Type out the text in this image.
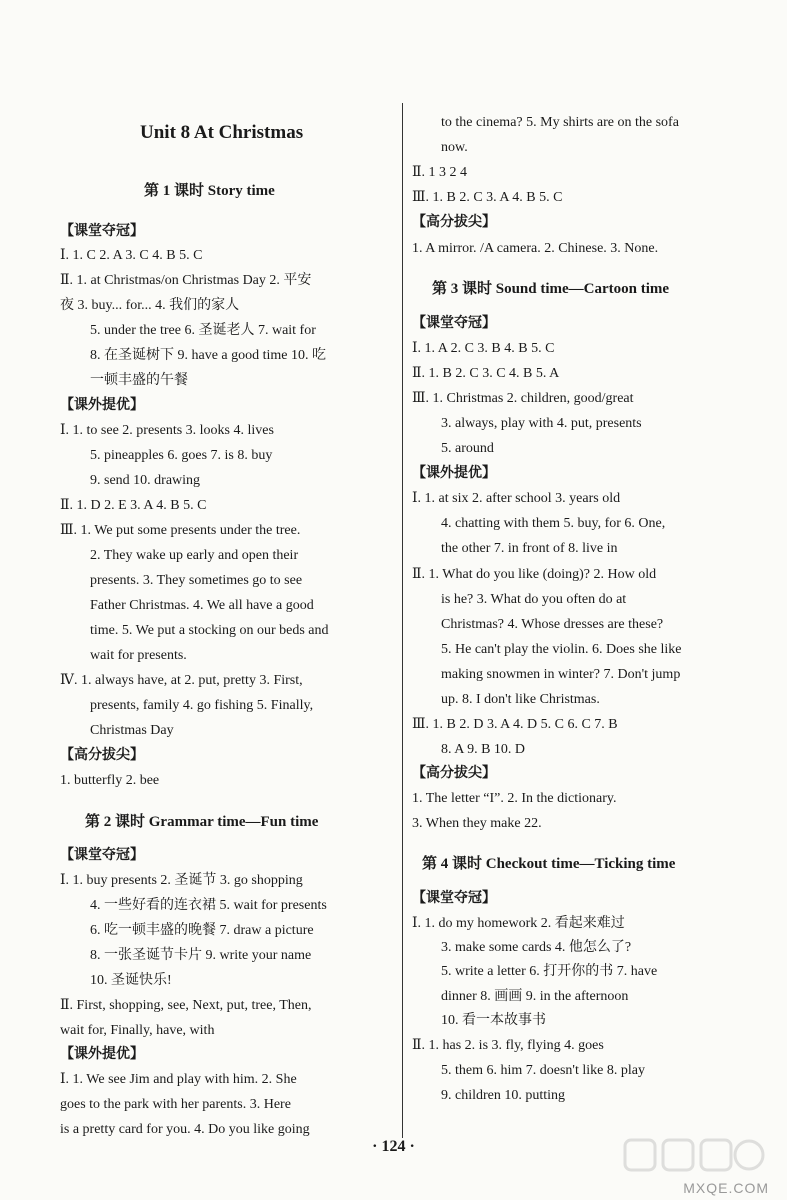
Unit 8 At Christmas
第 1 课时 Story time
【课堂夺冠】
Ⅰ. 1. C 2. A 3. C 4. B 5. C
Ⅱ. 1. at Christmas/on Christmas Day 2. 平安
夜 3. buy... for... 4. 我们的家人
5. under the tree 6. 圣诞老人 7. wait for
8. 在圣诞树下 9. have a good time 10. 吃
一顿丰盛的午餐
【课外提优】
Ⅰ. 1. to see 2. presents 3. looks 4. lives
5. pineapples 6. goes 7. is 8. buy
9. send 10. drawing
Ⅱ. 1. D 2. E 3. A 4. B 5. C
Ⅲ. 1. We put some presents under the tree.
2. They wake up early and open their
presents. 3. They sometimes go to see
Father Christmas. 4. We all have a good
time. 5. We put a stocking on our beds and
wait for presents.
Ⅳ. 1. always have, at 2. put, pretty 3. First,
presents, family 4. go fishing 5. Finally,
Christmas Day
【高分拔尖】
1. butterfly 2. bee
第 2 课时 Grammar time—Fun time
【课堂夺冠】
Ⅰ. 1. buy presents 2. 圣诞节 3. go shopping
4. 一些好看的连衣裙 5. wait for presents
6. 吃一顿丰盛的晚餐 7. draw a picture
8. 一张圣诞节卡片 9. write your name
10. 圣诞快乐!
Ⅱ. First, shopping, see, Next, put, tree, Then,
wait for, Finally, have, with
【课外提优】
Ⅰ. 1. We see Jim and play with him. 2. She
goes to the park with her parents. 3. Here
is a pretty card for you. 4. Do you like going
to the cinema? 5. My shirts are on the sofa
now.
Ⅱ. 1 3 2 4
Ⅲ. 1. B 2. C 3. A 4. B 5. C
【高分拔尖】
1. A mirror. /A camera. 2. Chinese. 3. None.
第 3 课时 Sound time—Cartoon time
【课堂夺冠】
Ⅰ. 1. A 2. C 3. B 4. B 5. C
Ⅱ. 1. B 2. C 3. C 4. B 5. A
Ⅲ. 1. Christmas 2. children, good/great
3. always, play with 4. put, presents
5. around
【课外提优】
Ⅰ. 1. at six 2. after school 3. years old
4. chatting with them 5. buy, for 6. One,
the other 7. in front of 8. live in
Ⅱ. 1. What do you like (doing)? 2. How old
is he? 3. What do you often do at
Christmas? 4. Whose dresses are these?
5. He can't play the violin. 6. Does she like
making snowmen in winter? 7. Don't jump
up. 8. I don't like Christmas.
Ⅲ. 1. B 2. D 3. A 4. D 5. C 6. C 7. B
8. A 9. B 10. D
【高分拔尖】
1. The letter “I”. 2. In the dictionary.
3. When they make 22.
第 4 课时 Checkout time—Ticking time
【课堂夺冠】
Ⅰ. 1. do my homework 2. 看起来难过
3. make some cards 4. 他怎么了?
5. write a letter 6. 打开你的书 7. have
dinner 8. 画画 9. in the afternoon
10. 看一本故事书
Ⅱ. 1. has 2. is 3. fly, flying 4. goes
5. them 6. him 7. doesn't like 8. play
9. children 10. putting
· 124 ·
MXQE.COM
